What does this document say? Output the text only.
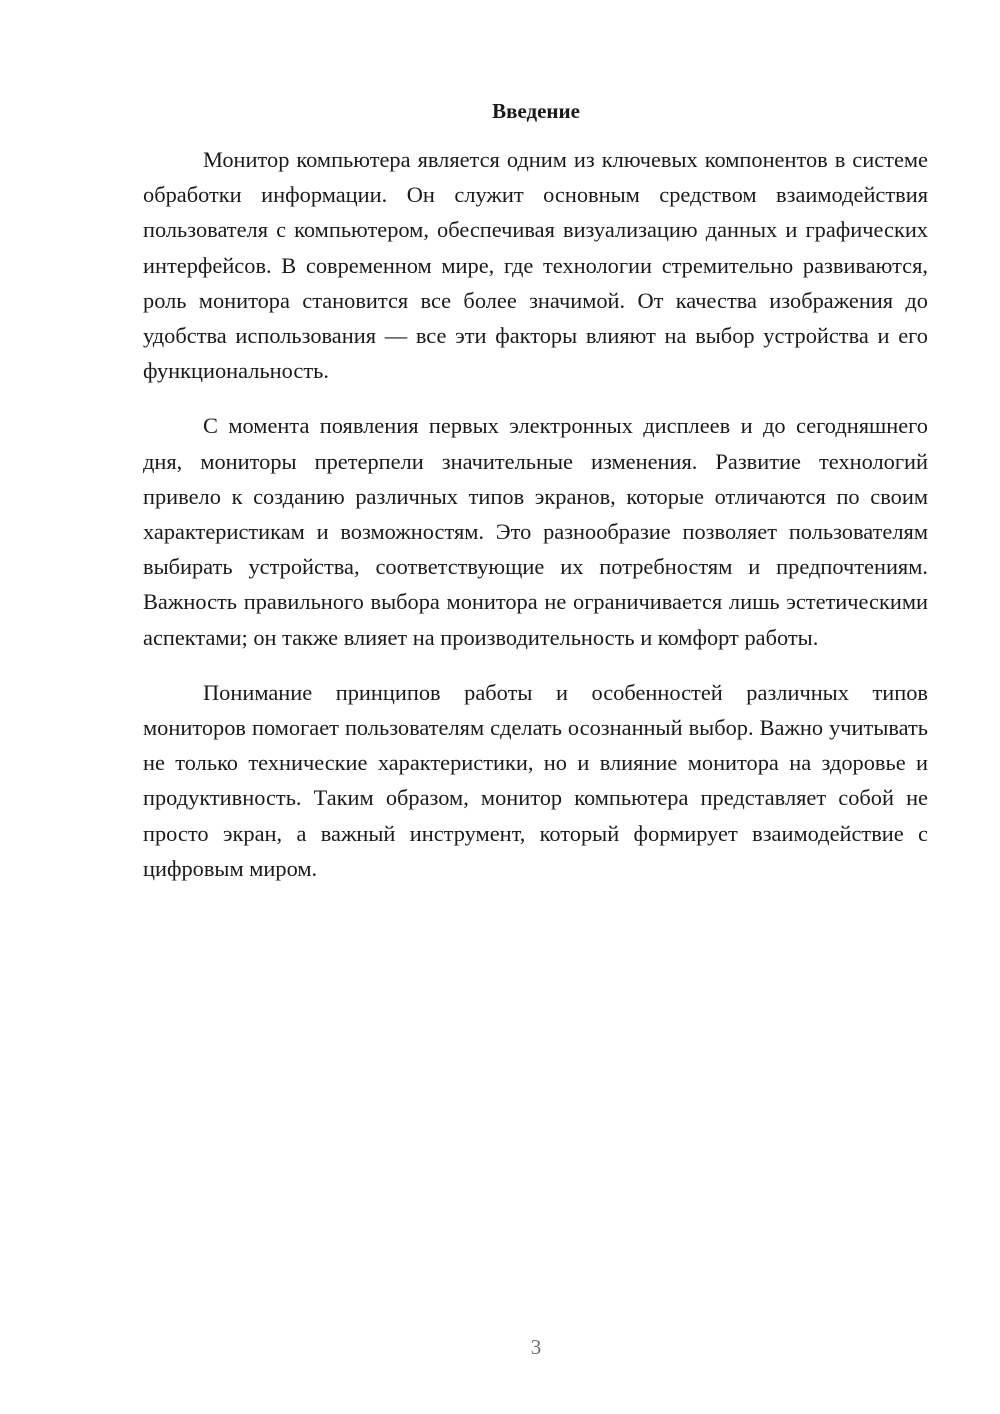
Введение

Монитор компьютера является одним из ключевых компонентов в системе обработки информации. Он служит основным средством взаимодействия пользователя с компьютером, обеспечивая визуализацию данных и графических интерфейсов. В современном мире, где технологии стремительно развиваются, роль монитора становится все более значимой. От качества изображения до удобства использования — все эти факторы влияют на выбор устройства и его функциональность.

С момента появления первых электронных дисплеев и до сегодняшнего дня, мониторы претерпели значительные изменения. Развитие технологий привело к созданию различных типов экранов, которые отличаются по своим характеристикам и возможностям. Это разнообразие позволяет пользователям выбирать устройства, соответствующие их потребностям и предпочтениям. Важность правильного выбора монитора не ограничивается лишь эстетическими аспектами; он также влияет на производительность и комфорт работы.

Понимание принципов работы и особенностей различных типов мониторов помогает пользователям сделать осознанный выбор. Важно учитывать не только технические характеристики, но и влияние монитора на здоровье и продуктивность. Таким образом, монитор компьютера представляет собой не просто экран, а важный инструмент, который формирует взаимодействие с цифровым миром.

3
